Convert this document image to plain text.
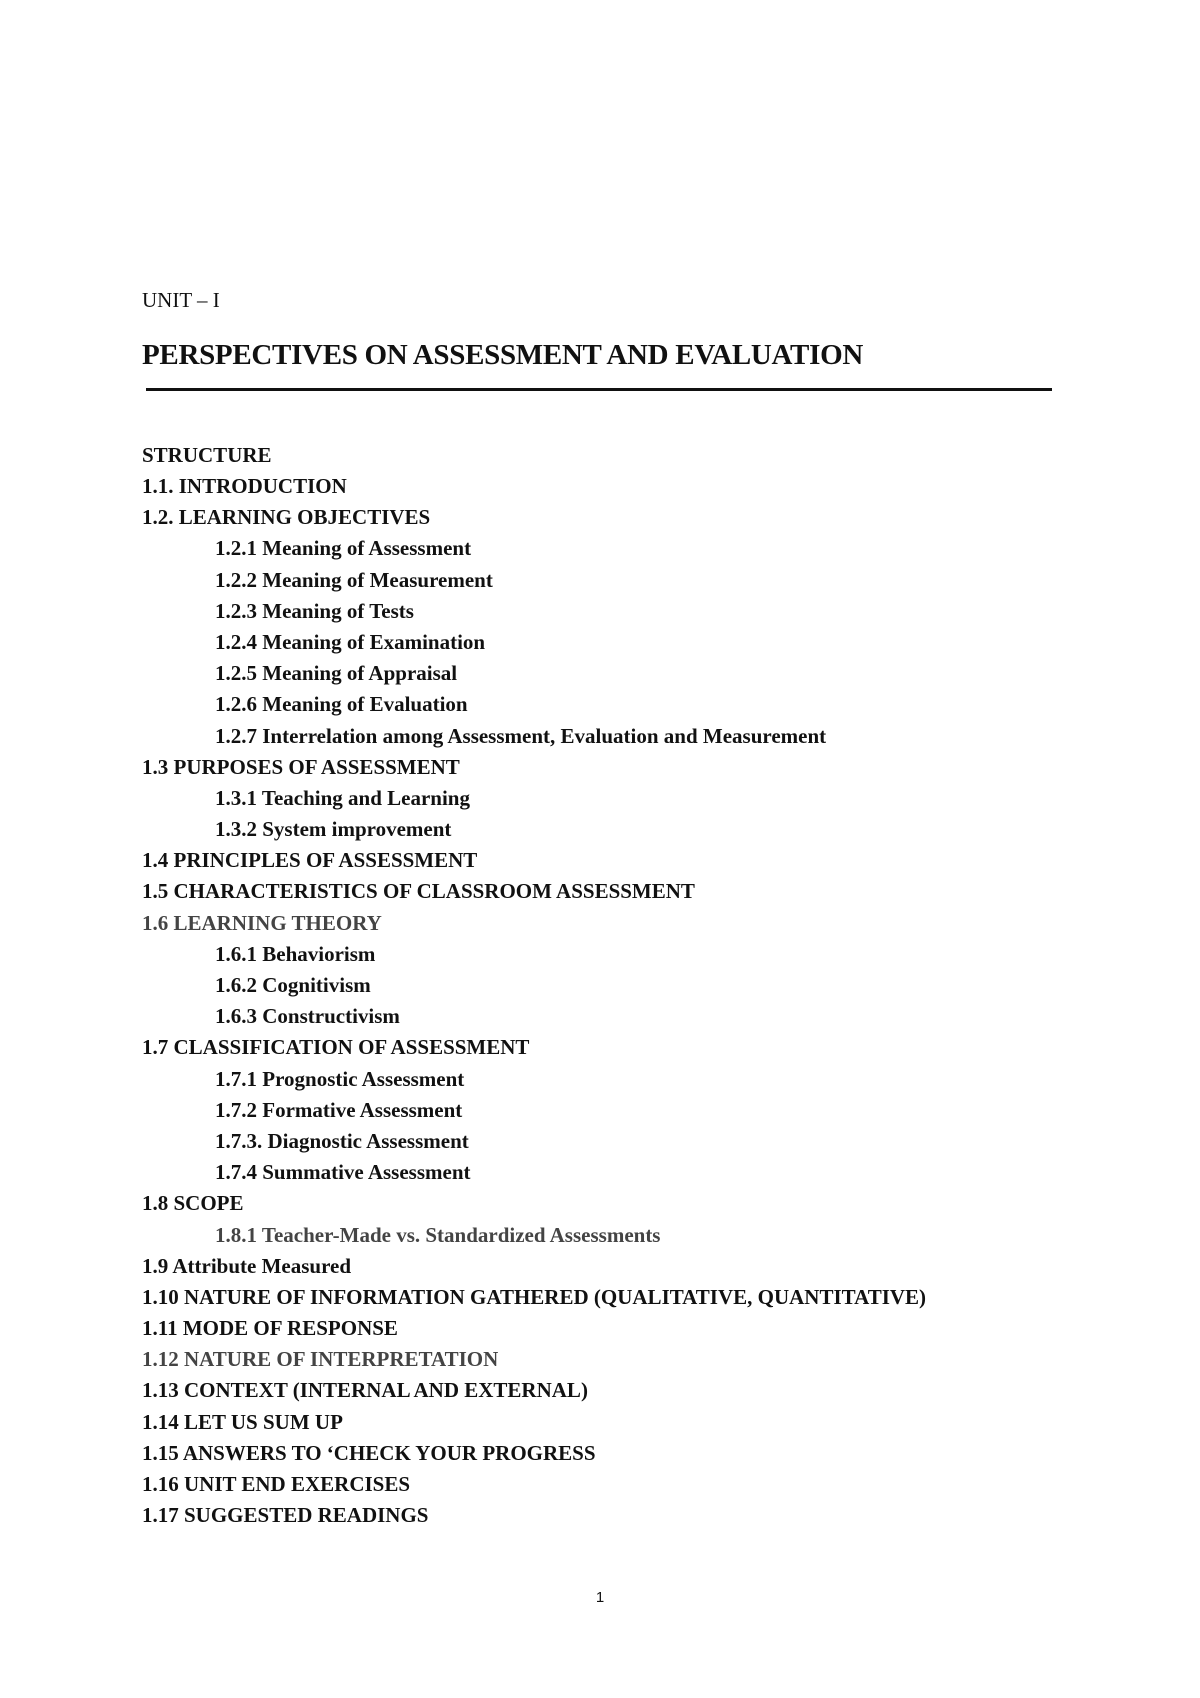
UNIT – I
PERSPECTIVES ON ASSESSMENT AND EVALUATION
STRUCTURE
1.1. INTRODUCTION
1.2. LEARNING OBJECTIVES
1.2.1 Meaning of Assessment
1.2.2 Meaning of Measurement
1.2.3 Meaning of Tests
1.2.4 Meaning of Examination
1.2.5 Meaning of Appraisal
1.2.6 Meaning of Evaluation
1.2.7 Interrelation among Assessment, Evaluation and Measurement
1.3 PURPOSES OF ASSESSMENT
1.3.1 Teaching and Learning
1.3.2 System improvement
1.4 PRINCIPLES OF ASSESSMENT
1.5 CHARACTERISTICS OF CLASSROOM ASSESSMENT
1.6 LEARNING THEORY
1.6.1 Behaviorism
1.6.2 Cognitivism
1.6.3 Constructivism
1.7 CLASSIFICATION OF ASSESSMENT
1.7.1 Prognostic Assessment
1.7.2 Formative Assessment
1.7.3. Diagnostic Assessment
1.7.4 Summative Assessment
1.8 SCOPE
1.8.1 Teacher-Made vs. Standardized Assessments
1.9 Attribute Measured
1.10 NATURE OF INFORMATION GATHERED (QUALITATIVE, QUANTITATIVE)
1.11 MODE OF RESPONSE
1.12 NATURE OF INTERPRETATION
1.13 CONTEXT (INTERNAL AND EXTERNAL)
1.14 LET US SUM UP
1.15 ANSWERS TO ‘CHECK YOUR PROGRESS
1.16 UNIT END EXERCISES
1.17 SUGGESTED READINGS
1
